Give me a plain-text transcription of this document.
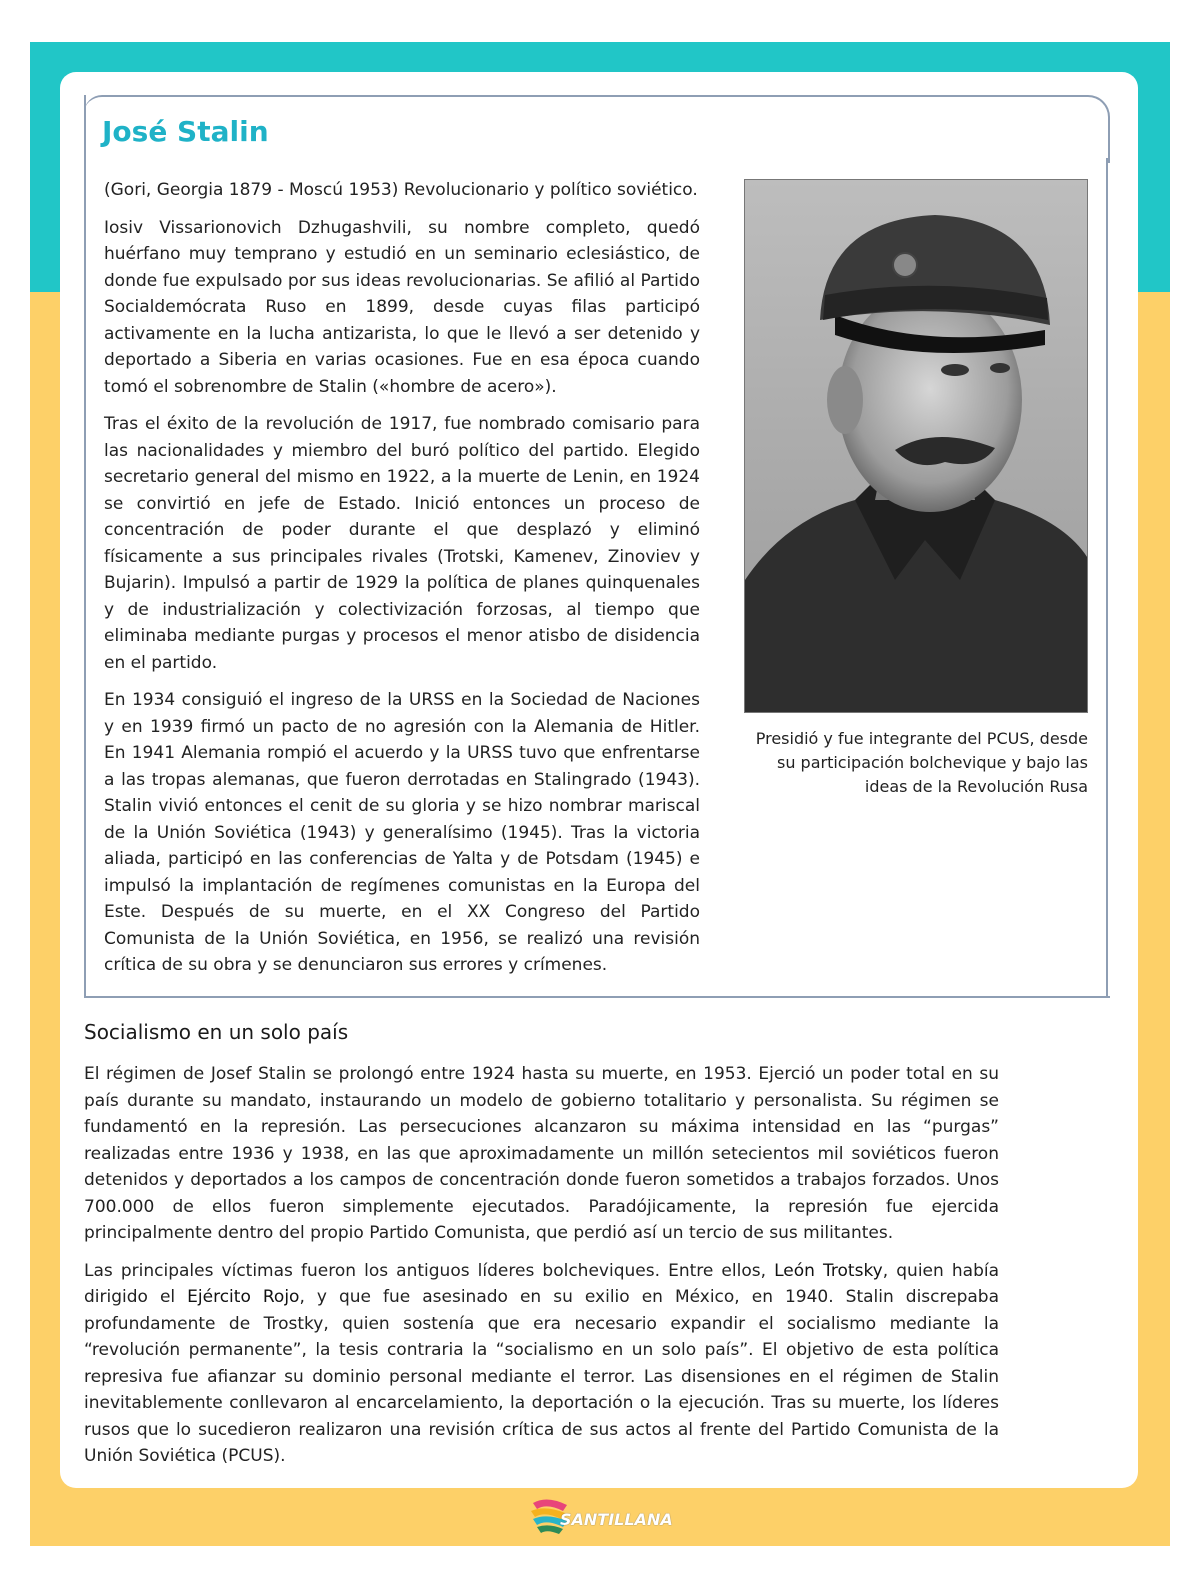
José Stalin

(Gori, Georgia 1879 - Moscú 1953) Revolucionario y político soviético.

Iosiv Vissarionovich Dzhugashvili, su nombre completo, quedó huérfano muy temprano y estudió en un seminario eclesiástico, de donde fue expulsado por sus ideas revolucionarias. Se afilió al Partido Socialdemócrata Ruso en 1899, desde cuyas filas participó activamente en la lucha antizarista, lo que le llevó a ser detenido y deportado a Siberia en varias ocasiones. Fue en esa época cuando tomó el sobrenombre de Stalin («hombre de acero»).

Tras el éxito de la revolución de 1917, fue nombrado comisario para las nacionalidades y miembro del buró político del partido. Elegido secretario general del mismo en 1922, a la muerte de Lenin, en 1924 se convirtió en jefe de Estado. Inició entonces un proceso de concentración de poder durante el que desplazó y eliminó físicamente a sus principales rivales (Trotski, Kamenev, Zinoviev y Bujarin). Impulsó a partir de 1929 la política de planes quinquenales y de industrialización y colectivización forzosas, al tiempo que eliminaba mediante purgas y procesos el menor atisbo de disidencia en el partido.

En 1934 consiguió el ingreso de la URSS en la Sociedad de Naciones y en 1939 firmó un pacto de no agresión con la Alemania de Hitler. En 1941 Alemania rompió el acuerdo y la URSS tuvo que enfrentarse a las tropas alemanas, que fueron derrotadas en Stalingrado (1943). Stalin vivió entonces el cenit de su gloria y se hizo nombrar mariscal de la Unión Soviética (1943) y generalísimo (1945). Tras la victoria aliada, participó en las conferencias de Yalta y de Potsdam (1945) e impulsó la implantación de regímenes comunistas en la Europa del Este. Después de su muerte, en el XX Congreso del Partido Comunista de la Unión Soviética, en 1956, se realizó una revisión crítica de su obra y se denunciaron sus errores y crímenes.

Presidió y fue integrante del PCUS, desde su participación bolchevique y bajo las ideas de la Revolución Rusa
Socialismo en un solo país

El régimen de Josef Stalin se prolongó entre 1924 hasta su muerte, en 1953. Ejerció un poder total en su país durante su mandato, instaurando un modelo de gobierno totalitario y personalista. Su régimen se fundamentó en la represión. Las persecuciones alcanzaron su máxima intensidad en las “purgas” realizadas entre 1936 y 1938, en las que aproximadamente un millón setecientos mil soviéticos fueron detenidos y deportados a los campos de concentración donde fueron sometidos a trabajos forzados. Unos 700.000 de ellos fueron simplemente ejecutados. Paradójicamente, la represión fue ejercida principalmente dentro del propio Partido Comunista, que perdió así un tercio de sus militantes.

Las principales víctimas fueron los antiguos líderes bolcheviques. Entre ellos, León Trotsky, quien había dirigido el Ejército Rojo, y que fue asesinado en su exilio en México, en 1940. Stalin discrepaba profundamente de Trostky, quien sostenía que era necesario expandir el socialismo mediante la “revolución permanente”, la tesis contraria la “socialismo en un solo país”. El objetivo de esta política represiva fue afianzar su dominio personal mediante el terror. Las disensiones en el régimen de Stalin inevitablemente conllevaron al encarcelamiento, la deportación o la ejecución. Tras su muerte, los líderes rusos que lo sucedieron realizaron una revisión crítica de sus actos al frente del Partido Comunista de la Unión Soviética (PCUS).

SANTILLANA
